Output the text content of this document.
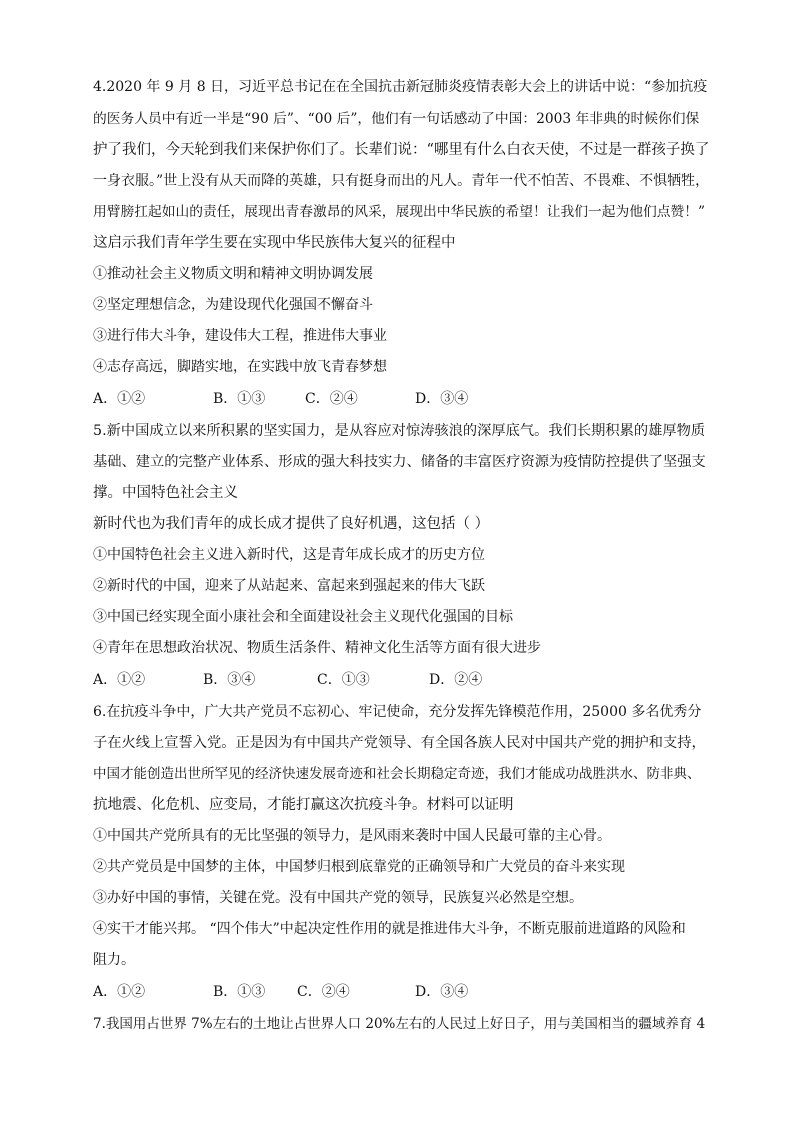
4.2020 年 9 月 8 日，习近平总书记在在全国抗击新冠肺炎疫情表彰大会上的讲话中说：“参加抗疫
的医务人员中有近一半是“90 后”、“00 后”，他们有一句话感动了中国：2003 年非典的时候你们保
护了我们，今天轮到我们来保护你们了。长辈们说：“哪里有什么白衣天使，不过是一群孩子换了
一身衣服。”世上没有从天而降的英雄，只有挺身而出的凡人。青年一代不怕苦、不畏难、不惧牺牲，
用臂膀扛起如山的责任，展现出青春激昂的风采，展现出中华民族的希望！让我们一起为他们点赞！”
这启示我们青年学生要在实现中华民族伟大复兴的征程中
①推动社会主义物质文明和精神文明协调发展
②坚定理想信念，为建设现代化强国不懈奋斗
③进行伟大斗争，建设伟大工程，推进伟大事业
④志存高远，脚踏实地，在实践中放飞青春梦想
A．①②	B．①③	C．②④	D．③④
5.新中国成立以来所积累的坚实国力，是从容应对惊涛骇浪的深厚底气。我们长期积累的雄厚物质
基础、建立的完整产业体系、形成的强大科技实力、储备的丰富医疗资源为疫情防控提供了坚强支
撑。中国特色社会主义
新时代也为我们青年的成长成才提供了良好机遇，这包括（ ）
①中国特色社会主义进入新时代，这是青年成长成才的历史方位
②新时代的中国，迎来了从站起来、富起来到强起来的伟大飞跃
③中国已经实现全面小康社会和全面建设社会主义现代化强国的目标
④青年在思想政治状况、物质生活条件、精神文化生活等方面有很大进步
A．①②	B．③④	C．①③	D．②④
6.在抗疫斗争中，广大共产党员不忘初心、牢记使命，充分发挥先锋模范作用，25000 多名优秀分
子在火线上宣誓入党。正是因为有中国共产党领导、有全国各族人民对中国共产党的拥护和支持，
中国才能创造出世所罕见的经济快速发展奇迹和社会长期稳定奇迹，我们才能成功战胜洪水、防非典、
抗地震、化危机、应变局，才能打赢这次抗疫斗争。材料可以证明
①中国共产党所具有的无比坚强的领导力，是风雨来袭时中国人民最可靠的主心骨。
②共产党员是中国梦的主体，中国梦归根到底靠党的正确领导和广大党员的奋斗来实现
③办好中国的事情，关键在党。没有中国共产党的领导，民族复兴必然是空想。
④实干才能兴邦。 “四个伟大”中起决定性作用的就是推进伟大斗争，不断克服前进道路的风险和
阻力。
A．①②	B．①③ C．②④	D．③④
7.我国用占世界 7%左右的土地让占世界人口 20%左右的人民过上好日子，用与美国相当的疆域养育 4
